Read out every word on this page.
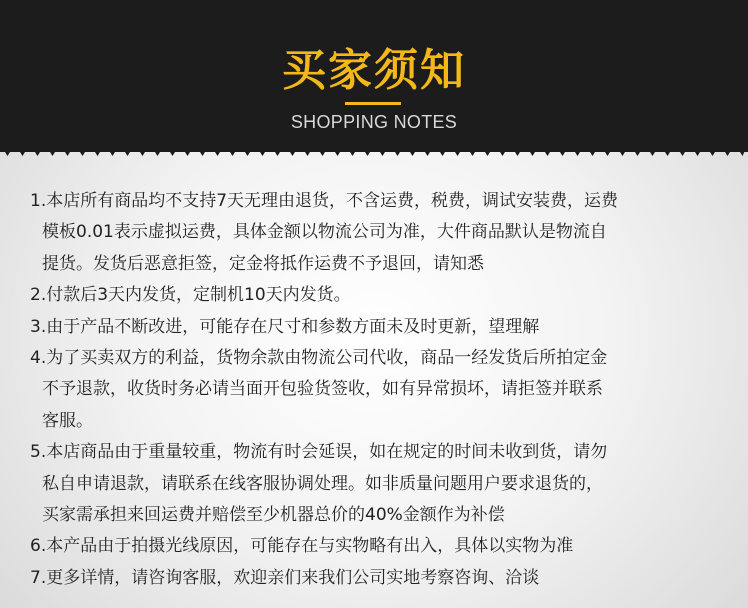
买家须知
SHOPPING NOTES
1.本店所有商品均不支持7天无理由退货，不含运费，税费，调试安装费，运费
模板0.01表示虚拟运费，具体金额以物流公司为准，大件商品默认是物流自
提货。发货后恶意拒签，定金将抵作运费不予退回，请知悉
2.付款后3天内发货，定制机10天内发货。
3.由于产品不断改进，可能存在尺寸和参数方面未及时更新，望理解
4.为了买卖双方的利益，货物余款由物流公司代收，商品一经发货后所拍定金
不予退款，收货时务必请当面开包验货签收，如有异常损坏，请拒签并联系
客服。
5.本店商品由于重量较重，物流有时会延误，如在规定的时间未收到货，请勿
私自申请退款，请联系在线客服协调处理。如非质量问题用户要求退货的，
买家需承担来回运费并赔偿至少机器总价的40%金额作为补偿
6.本产品由于拍摄光线原因，可能存在与实物略有出入，具体以实物为准
7.更多详情，请咨询客服，欢迎亲们来我们公司实地考察咨询、洽谈
